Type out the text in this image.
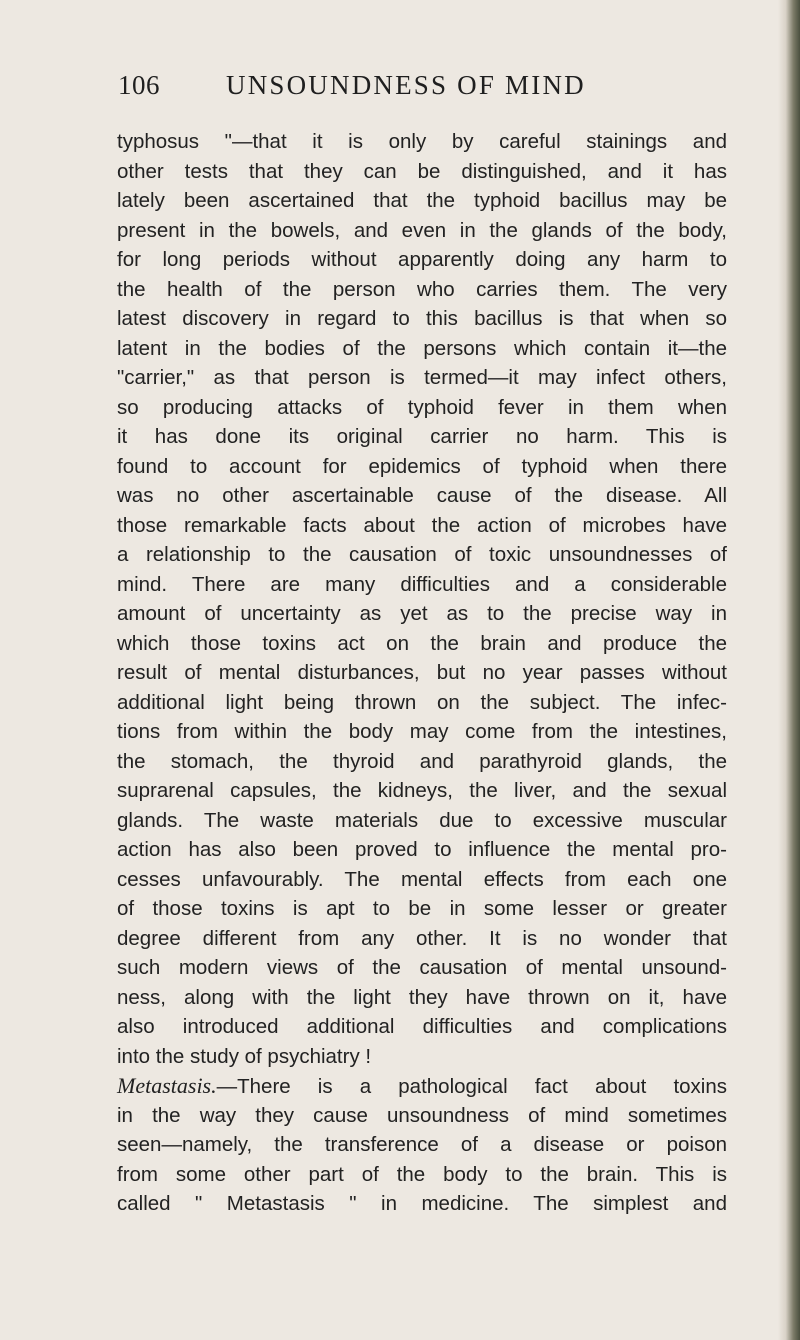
106 UNSOUNDNESS OF MIND
typhosus "—that it is only by careful stainings and
other tests that they can be distinguished, and it has
lately been ascertained that the typhoid bacillus may be
present in the bowels, and even in the glands of the body,
for long periods without apparently doing any harm to
the health of the person who carries them. The very
latest discovery in regard to this bacillus is that when so
latent in the bodies of the persons which contain it—the
"carrier," as that person is termed—it may infect others,
so producing attacks of typhoid fever in them when
it has done its original carrier no harm. This is
found to account for epidemics of typhoid when there
was no other ascertainable cause of the disease. All
those remarkable facts about the action of microbes have
a relationship to the causation of toxic unsoundnesses of
mind. There are many difficulties and a considerable
amount of uncertainty as yet as to the precise way in
which those toxins act on the brain and produce the
result of mental disturbances, but no year passes without
additional light being thrown on the subject. The infec-
tions from within the body may come from the intestines,
the stomach, the thyroid and parathyroid glands, the
suprarenal capsules, the kidneys, the liver, and the sexual
glands. The waste materials due to excessive muscular
action has also been proved to influence the mental pro-
cesses unfavourably. The mental effects from each one
of those toxins is apt to be in some lesser or greater
degree different from any other. It is no wonder that
such modern views of the causation of mental unsound-
ness, along with the light they have thrown on it, have
also introduced additional difficulties and complications
into the study of psychiatry !
Metastasis.—There is a pathological fact about toxins
in the way they cause unsoundness of mind sometimes
seen—namely, the transference of a disease or poison
from some other part of the body to the brain. This is
called " Metastasis " in medicine. The simplest and
